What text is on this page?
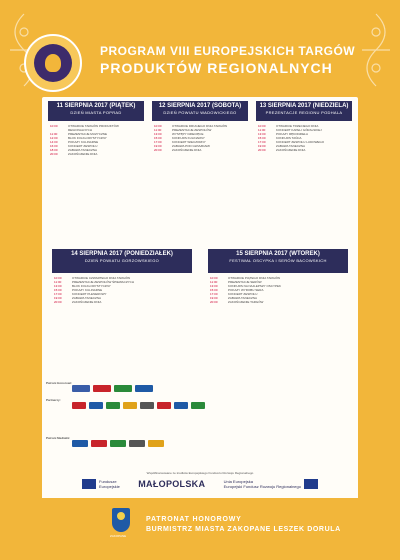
PROGRAM VIII EUROPEJSKICH TARGÓW
PRODUKTÓW REGIONALNYCH
11 SIERPNIA 2017 (PIĄTEK)
DZIEŃ MIASTA POPRAD
10:00	OTWARCIE TARGÓW PRODUKTÓW REGIONALNYCH
11:00	PREZENTACJE MUZYCZNE
12:00	BLOK FOLKLORYSTYCZNY
14:00	POKAZY KULINARNE
16:00	KONCERT ZESPOŁU
18:00	ZABAWA TANECZNA
20:00	ZAKOŃCZENIE DNIA
12 SIERPNIA 2017 (SOBOTA)
DZIEŃ POWIATU WADOWICKIEGO
10:00	OTWARCIE DRUGIEGO DNIA TARGÓW
11:00	PREZENTACJE ZESPOŁÓW
13:00	WYSTĘPY DZIECIĘCE
15:00	KONKURS KULINARNY
17:00	KONCERT WIECZORNY
19:00	ZABAWA POD GWIAZDAMI
20:00	ZAKOŃCZENIE DNIA
13 SIERPNIA 2017 (NIEDZIELA)
PREZENTACJE REGIONU PODHALA
10:00	OTWARCIE TRZECIEGO DNIA
11:00	KONCERT KAPELI GÓRALSKIEJ
13:00	POKAZY RĘKODZIEŁA
15:00	KONKURS TAŃCA
17:00	KONCERT ZESPOŁU LUDOWEGO
19:00	ZABAWA TANECZNA
20:00	ZAKOŃCZENIE DNIA
14 SIERPNIA 2017 (PONIEDZIAŁEK)
DZIEŃ POWIATU GORZOWSKIEGO
10:00	OTWARCIE CZWARTEGO DNIA TARGÓW
11:00	PREZENTACJE ZESPOŁÓW ŚPIEWACZYCH
13:00	BLOK FOLKLORYSTYCZNY
15:00	POKAZY KULINARNE
17:00	KONCERT PLENEROWY
19:00	ZABAWA TANECZNA
20:00	ZAKOŃCZENIE DNIA
15 SIERPNIA 2017 (WTOREK)
FESTIWAL OSCYPKA I SERÓW BACOWSKICH
10:00	OTWARCIE PIĄTEGO DNIA TARGÓW
11:00	PREZENTACJE SERÓW
13:00	KONKURS NA NAJLEPSZY OSCYPEK
15:00	POKAZY WYROBU SERA
17:00	KONCERT ZESPOŁU
19:00	ZABAWA TANECZNA
20:00	ZAKOŃCZENIE TARGÓW
Patroni Honorowi:
Partnerzy:
Patroni Medialni:
Współfinansowane ze środków Europejskiego Funduszu Rozwoju Regionalnego
Fundusze
Europejskie MAŁOPOLSKA	Unia Europejska
Europejski Fundusz Rozwoju Regionalnego
ZAKOPANE
PATRONAT HONOROWY
BURMISTRZ MIASTA ZAKOPANE LESZEK DORULA
